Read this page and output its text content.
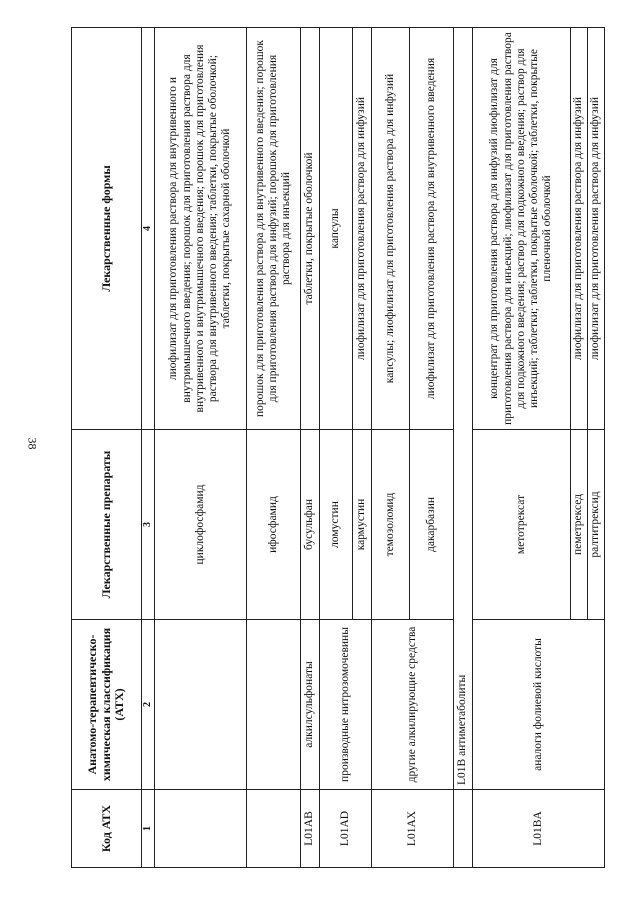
38
Код АТХ	Анатомо-терапевтическо-химическая классификация (АТХ)	Лекарственные препараты	Лекарственные формы
1	2	3	4
		циклофосфамид	лиофилизат для приготовления раствора для внутривенного и внутримышечного введения; порошок для приготовления раствора для внутривенного и внутримышечного введения; порошок для приготовления раствора для внутривенного введения; таблетки, покрытые оболочкой; таблетки, покрытые сахарной оболочкой
		ифосфамид	порошок для приготовления раствора для внутривенного введения; порошок для приготовления раствора для инфузий; порошок для приготовления раствора для инъекций
L01AB	алкилсульфонаты	бусульфан	таблетки, покрытые оболочкой
L01AD	производные нитрозомочевины	ломустин	капсулы
		кармустин	лиофилизат для приготовления раствора для инфузий
L01AX	другие алкилирующие средства	темозоломид	капсулы; лиофилизат для приготовления раствора для инфузий
		дакарбазин	лиофилизат для приготовления раствора для внутривенного введения
	L01B антиметаболиты		
L01BA	аналоги фолиевой кислоты	метотрексат	концентрат для приготовления раствора для инфузий лиофилизат для приготовления раствора для инъекций; лиофилизат для приготовления раствора для подкожного введения; раствор для подкожного введения; раствор для инъекций; таблетки; таблетки, покрытые оболочкой; таблетки, покрытые пленочной оболочкой
		пеметрексед	лиофилизат для приготовления раствора для инфузий
		ралтитрексид	лиофилизат для приготовления раствора для инфузий
